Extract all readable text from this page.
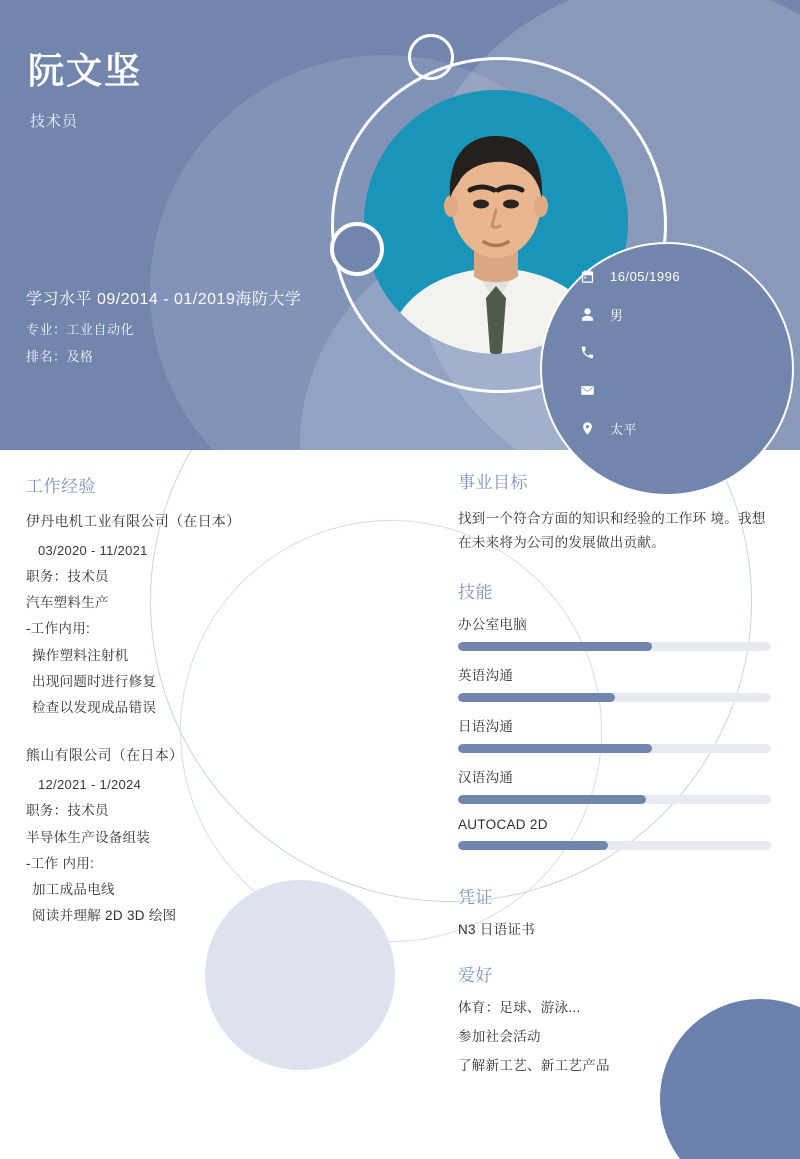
阮文坚
技术员
学习水平 09/2014 - 01/2019海防大学
专业：工业自动化
排名：及格
16/05/1996
男
太平
工作经验
伊丹电机工业有限公司（在日本）
03/2020 - 11/2021
职务：技术员
汽车塑料生产
-工作内用:
操作塑料注射机
出现问题时进行修复
检查以发现成品错误
熊山有限公司（在日本）
12/2021 - 1/2024
职务：技术员
半导体生产设备组装
-工作 内用:
加工成品电线
阅读并理解 2D 3D 绘图
事业目标

找到一个符合方面的知识和经验的工作环 境。我想在未来将为公司的发展做出贡献。

技能
办公室电脑
英语沟通
日语沟通
汉语沟通
AUTOCAD 2D
凭证
N3 日语证书
爱好
体育：足球、游泳...
参加社会活动
了解新工艺、新工艺产品
